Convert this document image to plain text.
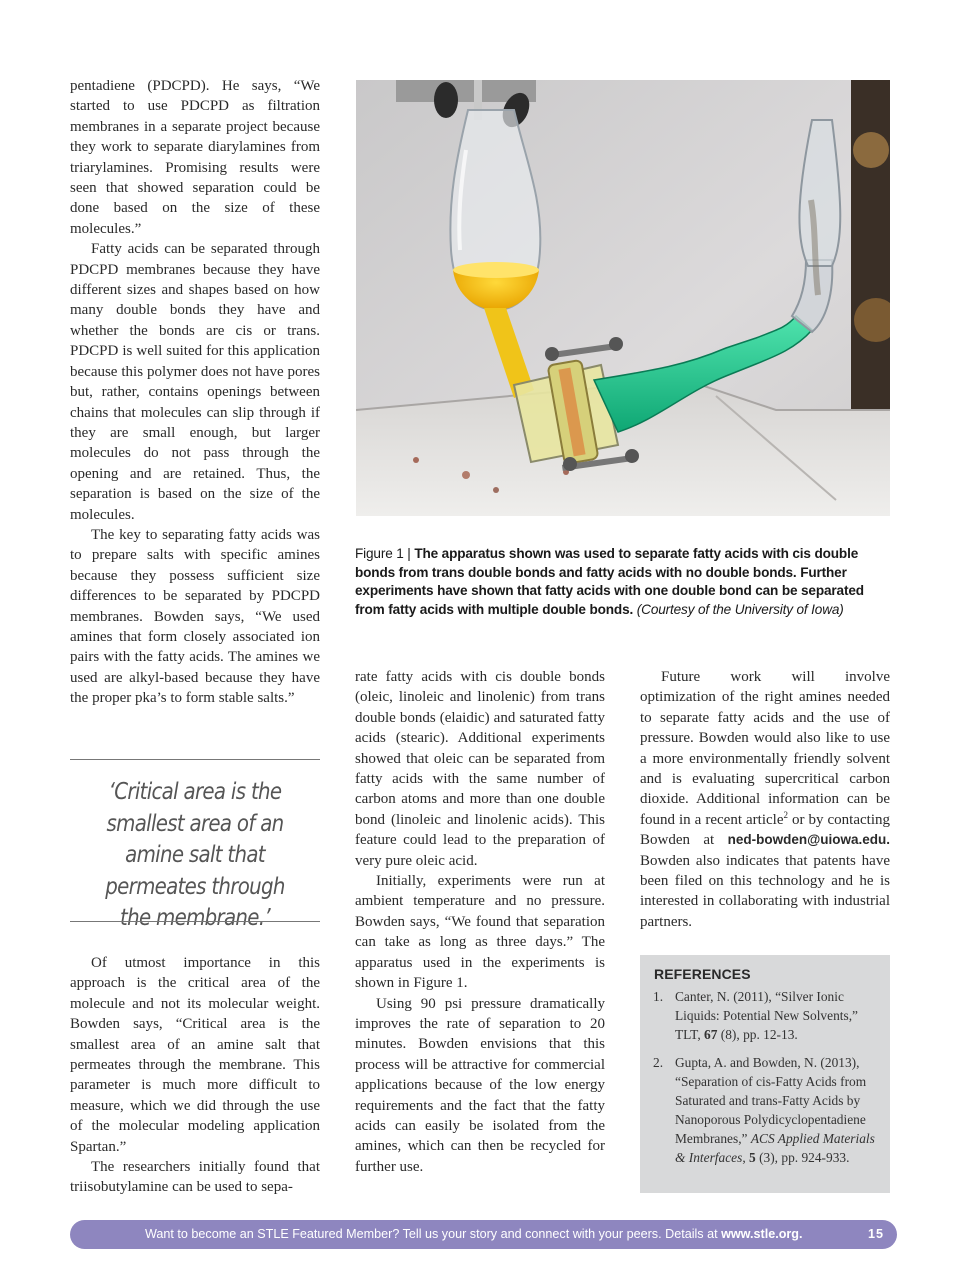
pentadiene (PDCPD). He says, “We started to use PDCPD as filtration membranes in a separate project because they work to separate diarylamines from triarylamines. Promising results were seen that showed separation could be done based on the size of these molecules.”

Fatty acids can be separated through PDCPD membranes because they have different sizes and shapes based on how many double bonds they have and whether the bonds are cis or trans. PDCPD is well suited for this application because this polymer does not have pores but, rather, contains openings between chains that molecules can slip through if they are small enough, but larger molecules do not pass through the opening and are retained. Thus, the separation is based on the size of the molecules.

The key to separating fatty acids was to prepare salts with specific amines because they possess sufficient size differences to be separated by PDCPD membranes. Bowden says, “We used amines that form closely associated ion pairs with the fatty acids. The amines we used are alkyl-based because they have the proper pka’s to form stable salts.”

‘Critical area is the smallest area of an amine salt that permeates through the membrane.’

Of utmost importance in this approach is the critical area of the molecule and not its molecular weight. Bowden says, “Critical area is the smallest area of an amine salt that permeates through the membrane. This parameter is much more difficult to measure, which we did through the use of the molecular modeling application Spartan.”

The researchers initially found that triisobutylamine can be used to sepa-

Figure 1 | The apparatus shown was used to separate fatty acids with cis double bonds from trans double bonds and fatty acids with no double bonds. Further experiments have shown that fatty acids with one double bond can be separated from fatty acids with multiple double bonds. (Courtesy of the University of Iowa)

rate fatty acids with cis double bonds (oleic, linoleic and linolenic) from trans double bonds (elaidic) and saturated fatty acids (stearic). Additional experiments showed that oleic can be separated from fatty acids with the same number of carbon atoms and more than one double bond (linoleic and linolenic acids). This feature could lead to the preparation of very pure oleic acid.

Initially, experiments were run at ambient temperature and no pressure. Bowden says, “We found that separation can take as long as three days.” The apparatus used in the experiments is shown in Figure 1.

Using 90 psi pressure dramatically improves the rate of separation to 20 minutes. Bowden envisions that this process will be attractive for commercial applications because of the low energy requirements and the fact that the fatty acids can easily be isolated from the amines, which can then be recycled for further use.

Future work will involve optimization of the right amines needed to separate fatty acids and the use of pressure. Bowden would also like to use a more environmentally friendly solvent and is evaluating supercritical carbon dioxide. Additional information can be found in a recent article$^2$ or by contacting Bowden at ned-bowden@uiowa.edu. Bowden also indicates that patents have been filed on this technology and he is interested in collaborating with industrial partners.

REFERENCES
1. Canter, N. (2011), “Silver Ionic Liquids: Potential New Solvents,” TLT, 67 (8), pp. 12-13.
2. Gupta, A. and Bowden, N. (2013), “Separation of cis-Fatty Acids from Saturated and trans-Fatty Acids by Nanoporous Polydicyclopentadiene Membranes,” ACS Applied Materials & Interfaces, 5 (3), pp. 924-933.
Want to become an STLE Featured Member? Tell us your story and connect with your peers. Details at www.stle.org.	15
